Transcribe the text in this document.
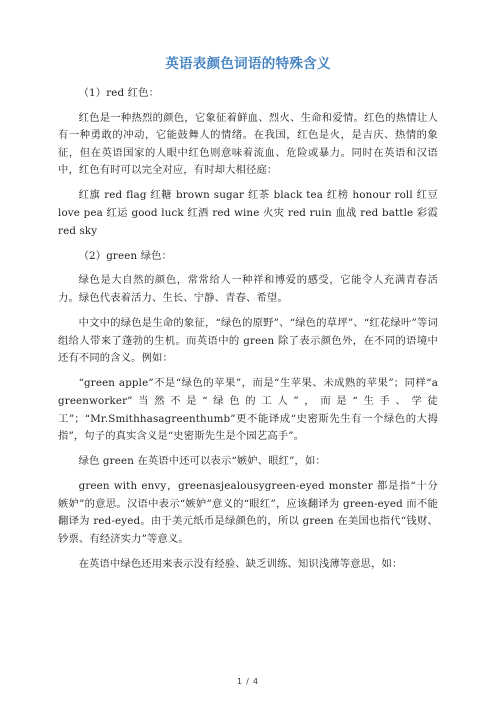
英语表颜色词语的特殊含义

（1）red 红色：

红色是一种热烈的颜色，它象征着鲜血、烈火、生命和爱情。红色的热情让人有一种勇敢的冲动，它能鼓舞人的情绪。在我国，红色是火，是吉庆、热情的象征，但在英语国家的人眼中红色则意味着流血、危险或暴力。同时在英语和汉语中，红色有时可以完全对应，有时却大相径庭：

红旗 red flag 红糖 brown sugar 红茶 black tea 红榜 honour roll 红豆 love pea 红运 good luck 红酒 red wine 火灾 red ruin 血战 red battle 彩霞 red sky

（2）green 绿色：

绿色是大自然的颜色，常常给人一种祥和博爱的感受，它能令人充满青春活力。绿色代表着活力、生长、宁静、青春、希望。

中文中的绿色是生命的象征，“绿色的原野”、“绿色的草坪”、“红花绿叶”等词组给人带来了蓬勃的生机。而英语中的 green 除了表示颜色外，在不同的语境中还有不同的含义。例如：

“green apple”不是“绿色的苹果”，而是“生苹果、未成熟的苹果”；同样“a greenworker”当然不是“绿色的工人”，而是“生手、学徒工”；“Mr.Smithhasagreenthumb”更不能译成“史密斯先生有一个绿色的大拇指”，句子的真实含义是“史密斯先生是个园艺高手”。

绿色 green 在英语中还可以表示“嫉妒、眼红”，如：

green with envy，greenasjealousygreen-eyed monster 都是指“十分嫉妒”的意思。汉语中表示“嫉妒”意义的“眼红”，应该翻译为 green-eyed 而不能翻译为 red-eyed。由于美元纸币是绿颜色的，所以 green 在美国也指代“钱财、钞票、有经济实力”等意义。

在英语中绿色还用来表示没有经验、缺乏训练、知识浅薄等意思，如：

1 / 4
